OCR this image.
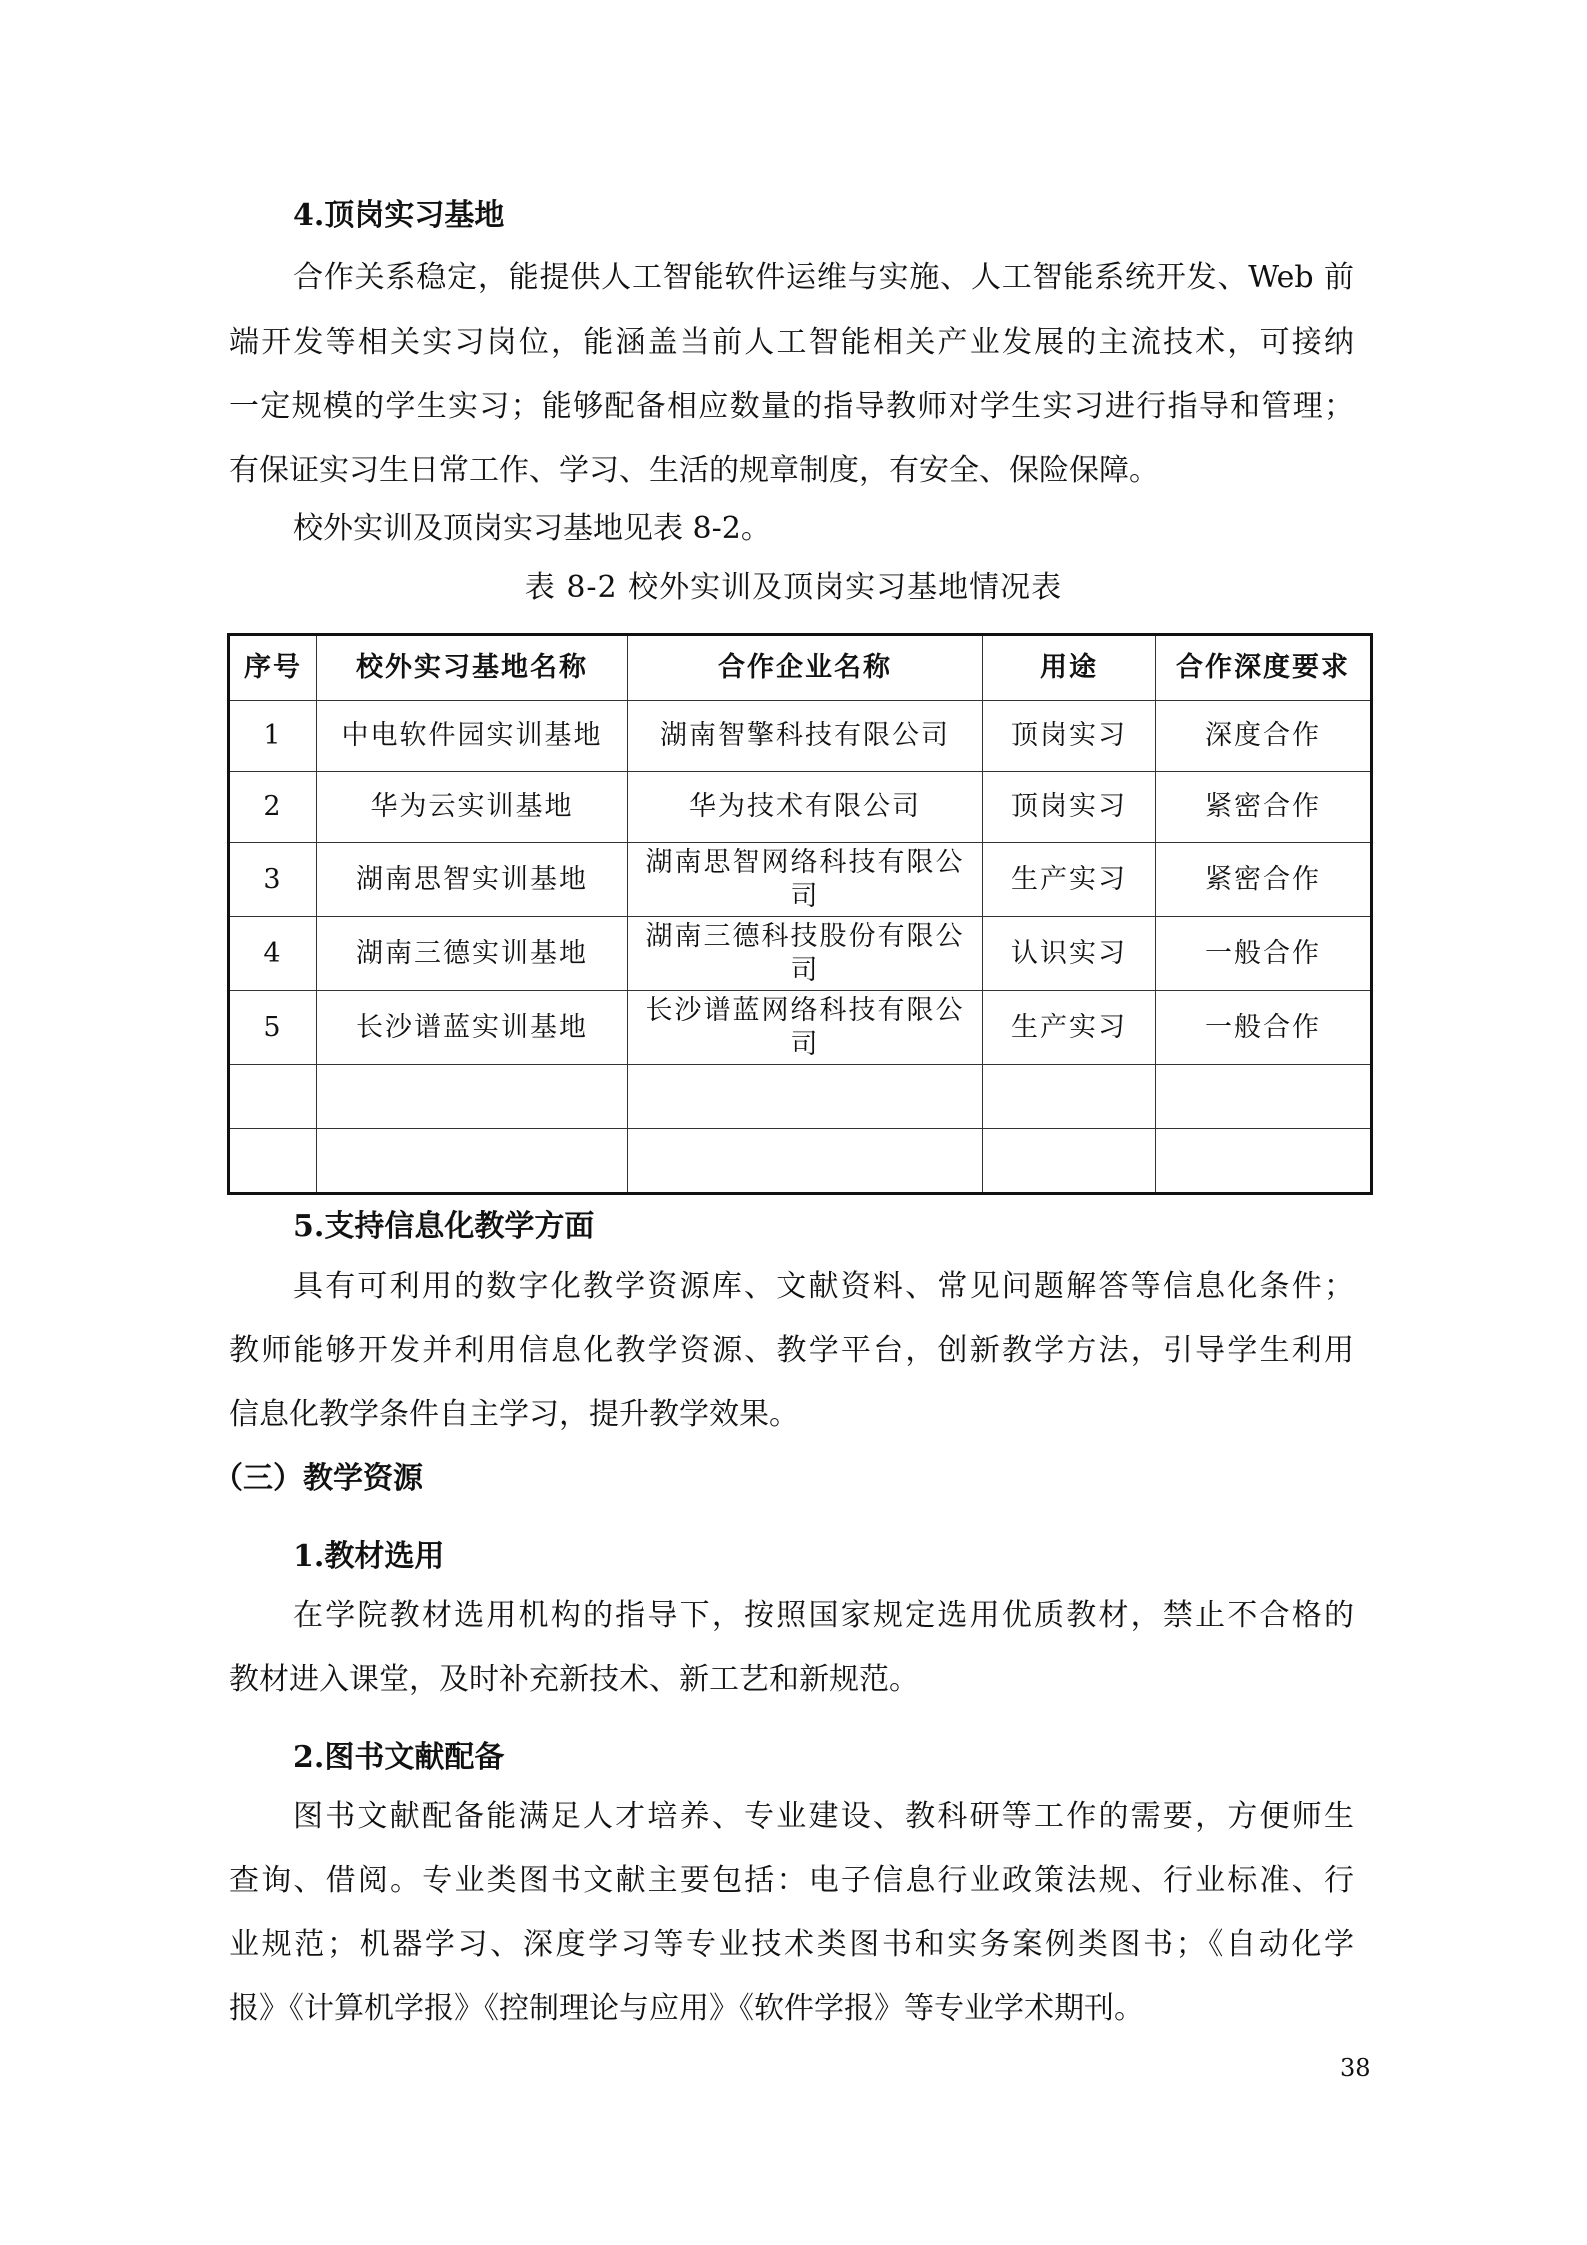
4.顶岗实习基地
合作关系稳定，能提供人工智能软件运维与实施、人工智能系统开发、Web 前
端开发等相关实习岗位，能涵盖当前人工智能相关产业发展的主流技术，可接纳
一定规模的学生实习；能够配备相应数量的指导教师对学生实习进行指导和管理；
有保证实习生日常工作、学习、生活的规章制度，有安全、保险保障。
校外实训及顶岗实习基地见表 8-2。
表 8-2 校外实训及顶岗实习基地情况表
序号	校外实习基地名称	合作企业名称	用途	合作深度要求
1	中电软件园实训基地	湖南智擎科技有限公司	顶岗实习	深度合作
2	华为云实训基地	华为技术有限公司	顶岗实习	紧密合作
3	湖南思智实训基地	湖南思智网络科技有限公司	生产实习	紧密合作
4	湖南三德实训基地	湖南三德科技股份有限公司	认识实习	一般合作
5	长沙谱蓝实训基地	长沙谱蓝网络科技有限公司	生产实习	一般合作

5.支持信息化教学方面
具有可利用的数字化教学资源库、文献资料、常见问题解答等信息化条件；
教师能够开发并利用信息化教学资源、教学平台，创新教学方法，引导学生利用
信息化教学条件自主学习，提升教学效果。
（三）教学资源
1.教材选用
在学院教材选用机构的指导下，按照国家规定选用优质教材，禁止不合格的
教材进入课堂，及时补充新技术、新工艺和新规范。
2.图书文献配备
图书文献配备能满足人才培养、专业建设、教科研等工作的需要，方便师生
查询、借阅。专业类图书文献主要包括：电子信息行业政策法规、行业标准、行
业规范；机器学习、深度学习等专业技术类图书和实务案例类图书；《自动化学
报》《计算机学报》《控制理论与应用》《软件学报》等专业学术期刊。
38
